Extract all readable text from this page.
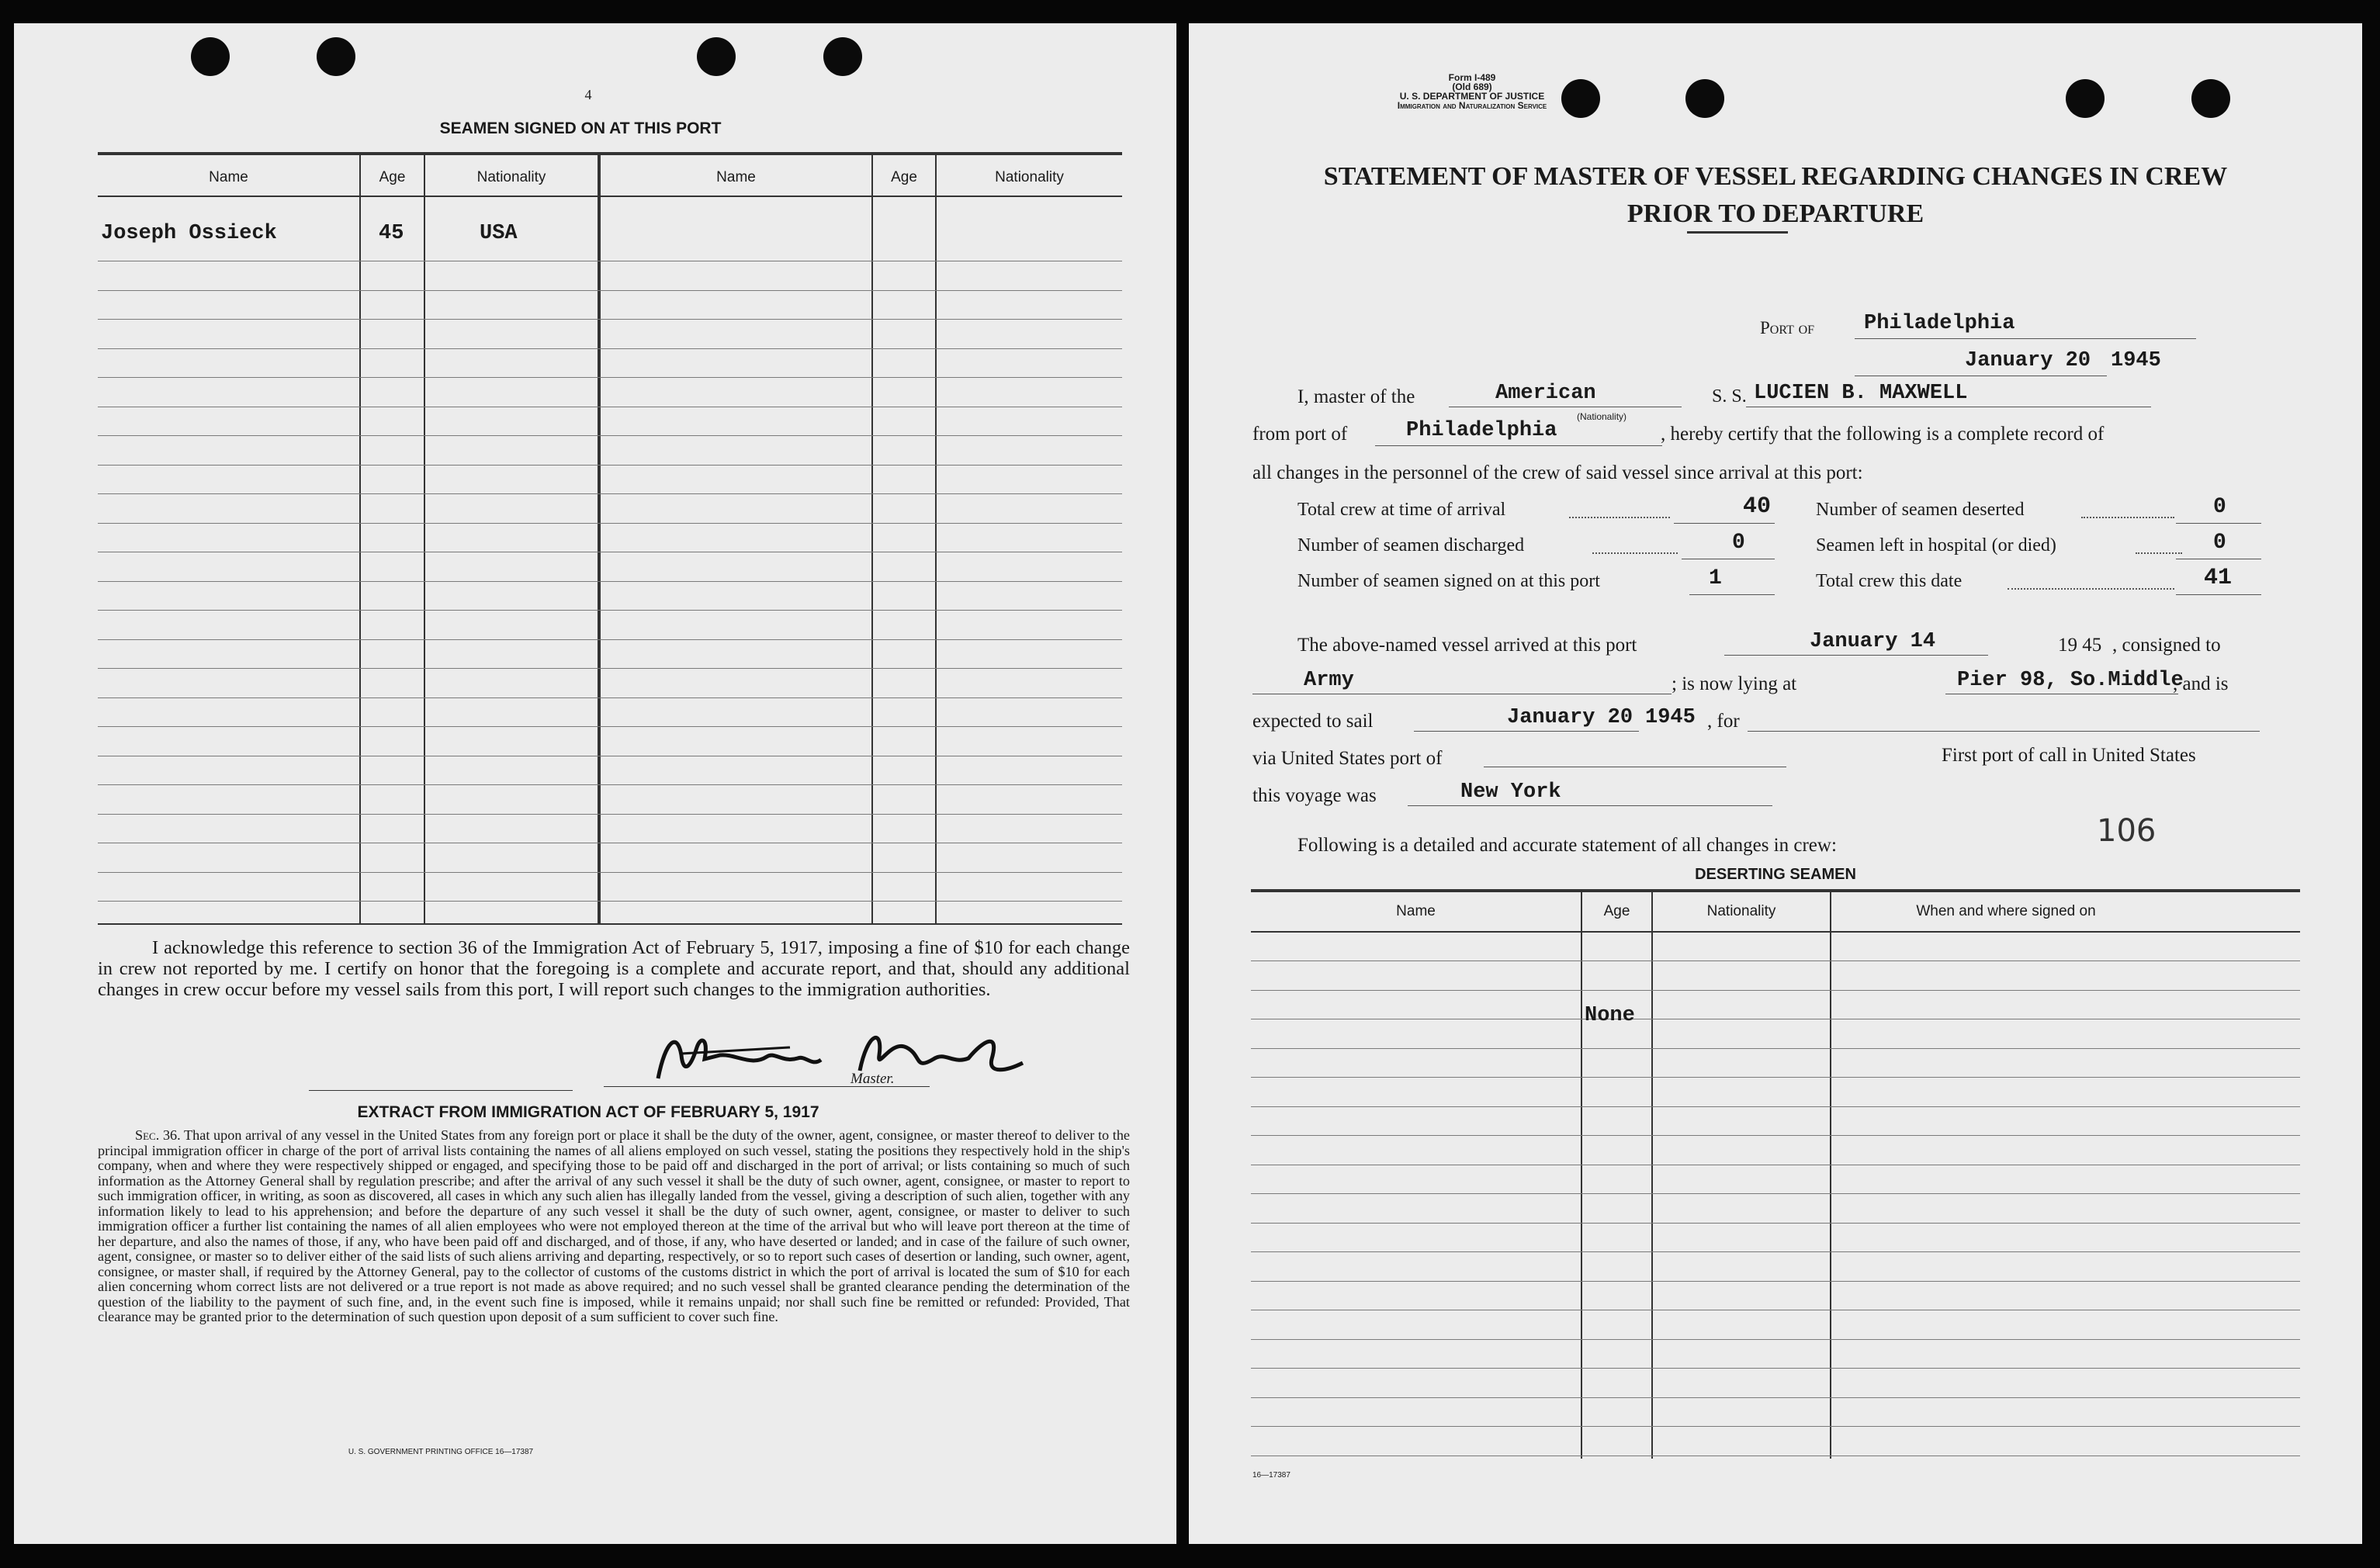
4
SEAMEN SIGNED ON AT THIS PORT
Name	Age	Nationality	Name	Age	Nationality
Joseph Ossieck	45	USA
I acknowledge this reference to section 36 of the Immigration Act of February 5, 1917, imposing a fine of $10 for each change in crew not reported by me. I certify on honor that the foregoing is a complete and accurate report, and that, should any additional changes in crew occur before my vessel sails from this port, I will report such changes to the immigration authorities.
Master.
EXTRACT FROM IMMIGRATION ACT OF FEBRUARY 5, 1917
Sec. 36. That upon arrival of any vessel in the United States from any foreign port or place it shall be the duty of the owner, agent, consignee, or master thereof to deliver to the principal immigration officer in charge of the port of arrival lists containing the names of all aliens employed on such vessel, stating the positions they respectively hold in the ship's company, when and where they were respectively shipped or engaged, and specifying those to be paid off and discharged in the port of arrival; or lists containing so much of such information as the Attorney General shall by regulation prescribe; and after the arrival of any such vessel it shall be the duty of such owner, agent, consignee, or master to report to such immigration officer, in writing, as soon as discovered, all cases in which any such alien has illegally landed from the vessel, giving a description of such alien, together with any information likely to lead to his apprehension; and before the departure of any such vessel it shall be the duty of such owner, agent, consignee, or master to deliver to such immigration officer a further list containing the names of all alien employees who were not employed thereon at the time of the arrival but who will leave port thereon at the time of her departure, and also the names of those, if any, who have been paid off and discharged, and of those, if any, who have deserted or landed; and in case of the failure of such owner, agent, consignee, or master so to deliver either of the said lists of such aliens arriving and departing, respectively, or so to report such cases of desertion or landing, such owner, agent, consignee, or master shall, if required by the Attorney General, pay to the collector of customs of the customs district in which the port of arrival is located the sum of $10 for each alien concerning whom correct lists are not delivered or a true report is not made as above required; and no such vessel shall be granted clearance pending the determination of the question of the liability to the payment of such fine, and, in the event such fine is imposed, while it remains unpaid; nor shall such fine be remitted or refunded: Provided, That clearance may be granted prior to the determination of such question upon deposit of a sum sufficient to cover such fine.
U. S. GOVERNMENT PRINTING OFFICE 16—17387
Form I-489
(Old 689)
U. S. DEPARTMENT OF JUSTICE
Immigration and Naturalization Service
STATEMENT OF MASTER OF VESSEL REGARDING CHANGES IN CREW
PRIOR TO DEPARTURE
Port of Philadelphia
January 20 1945
I, master of the	American
(Nationality)
S. S. LUCIEN B. MAXWELL
from port of	Philadelphia	, hereby certify that the following is a complete record of
all changes in the personnel of the crew of said vessel since arrival at this port:
Total crew at time of arrival	40 Number of seamen deserted	0
Number of seamen discharged	0	Seamen left in hospital (or died)	0
Number of seamen signed on at this port	1	Total crew this date	41
The above-named vessel arrived at this port	January 14	19 45 , consigned to
Army	; is now lying at	Pier 98, So.Middle
, and is
expected to sail	January 20 1945 , for
via United States port of	First port of call in United States
this voyage was	New York
106
Following is a detailed and accurate statement of all changes in crew:
DESERTING SEAMEN
Name	Age	Nationality	When and where signed on
None
16—17387
